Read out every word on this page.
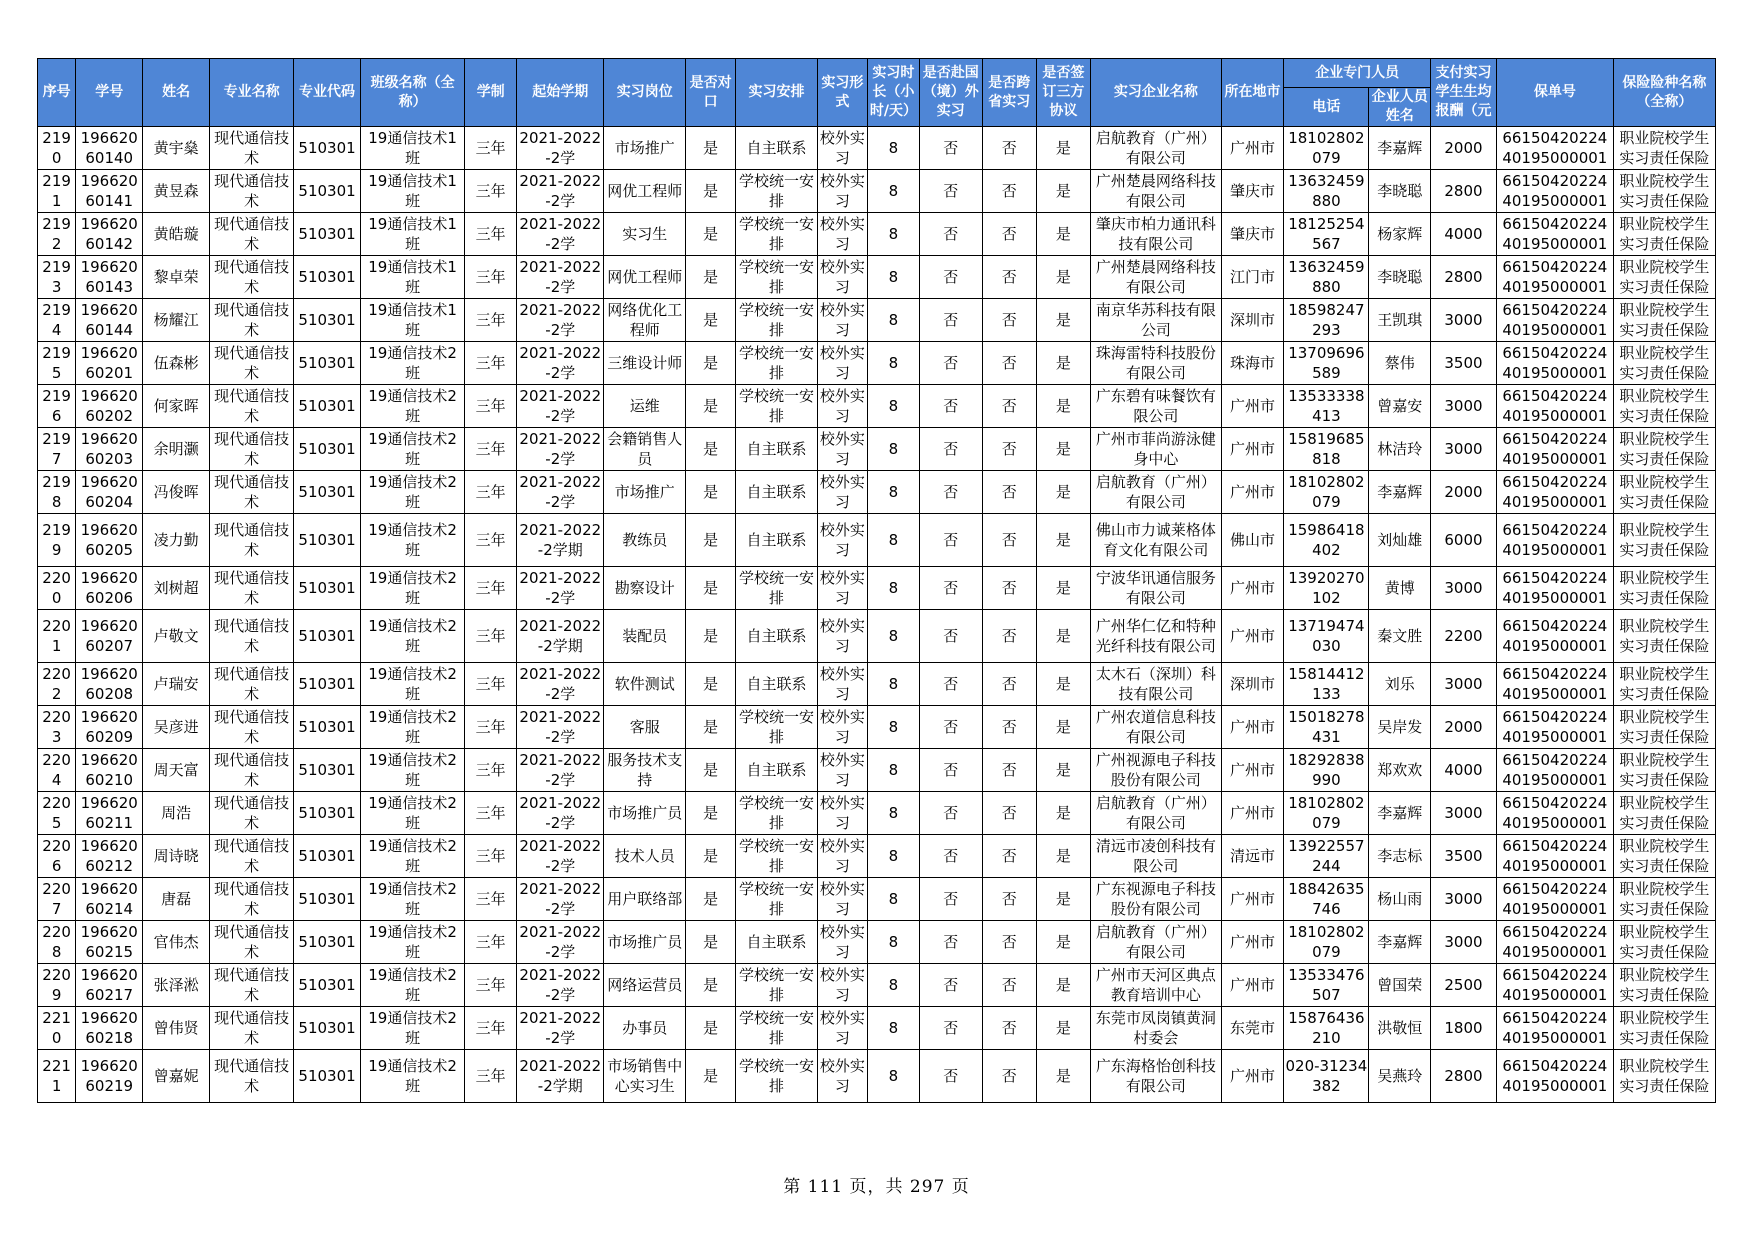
序号	学号	姓名	专业名称	专业代码	班级名称（全称）	学制	起始学期	实习岗位	是否对口	实习安排	实习形式	实习时长（小时/天）	是否赴国（境）外实习	是否跨省实习	是否签订三方协议	实习企业名称	所在地市	企业专门人员		支付实习学生生均报酬（元	保单号	保险险种名称（全称）
																		电话	企业人员姓名			
2190	19662060140	黄宇燊	现代通信技术	510301	19通信技术1班	三年	2021-2022-2学	市场推广	是	自主联系	校外实习	8	否	否	是	启航教育（广州）有限公司	广州市	18102802079	李嘉辉	2000	6615042022440195000001	职业院校学生实习责任保险
2191	19662060141	黄昱森	现代通信技术	510301	19通信技术1班	三年	2021-2022-2学	网优工程师	是	学校统一安排	校外实习	8	否	否	是	广州楚晨网络科技有限公司	肇庆市	13632459880	李晓聪	2800	6615042022440195000001	职业院校学生实习责任保险
2192	19662060142	黄皓璇	现代通信技术	510301	19通信技术1班	三年	2021-2022-2学	实习生	是	学校统一安排	校外实习	8	否	否	是	肇庆市柏力通讯科技有限公司	肇庆市	18125254567	杨家辉	4000	6615042022440195000001	职业院校学生实习责任保险
2193	19662060143	黎卓荣	现代通信技术	510301	19通信技术1班	三年	2021-2022-2学	网优工程师	是	学校统一安排	校外实习	8	否	否	是	广州楚晨网络科技有限公司	江门市	13632459880	李晓聪	2800	6615042022440195000001	职业院校学生实习责任保险
2194	19662060144	杨耀江	现代通信技术	510301	19通信技术1班	三年	2021-2022-2学	网络优化工程师	是	学校统一安排	校外实习	8	否	否	是	南京华苏科技有限公司	深圳市	18598247293	王凯琪	3000	6615042022440195000001	职业院校学生实习责任保险
2195	19662060201	伍森彬	现代通信技术	510301	19通信技术2班	三年	2021-2022-2学	三维设计师	是	学校统一安排	校外实习	8	否	否	是	珠海雷特科技股份有限公司	珠海市	13709696589	蔡伟	3500	6615042022440195000001	职业院校学生实习责任保险
2196	19662060202	何家晖	现代通信技术	510301	19通信技术2班	三年	2021-2022-2学	运维	是	学校统一安排	校外实习	8	否	否	是	广东碧有味餐饮有限公司	广州市	13533338413	曾嘉安	3000	6615042022440195000001	职业院校学生实习责任保险
2197	19662060203	余明灏	现代通信技术	510301	19通信技术2班	三年	2021-2022-2学	会籍销售人员	是	自主联系	校外实习	8	否	否	是	广州市菲尚游泳健身中心	广州市	15819685818	林洁玲	3000	6615042022440195000001	职业院校学生实习责任保险
2198	19662060204	冯俊晖	现代通信技术	510301	19通信技术2班	三年	2021-2022-2学	市场推广	是	自主联系	校外实习	8	否	否	是	启航教育（广州）有限公司	广州市	18102802079	李嘉辉	2000	6615042022440195000001	职业院校学生实习责任保险
2199	19662060205	凌力勤	现代通信技术	510301	19通信技术2班	三年	2021-2022-2学期	教练员	是	自主联系	校外实习	8	否	否	是	佛山市力诚莱格体育文化有限公司	佛山市	15986418402	刘灿雄	6000	6615042022440195000001	职业院校学生实习责任保险
2200	19662060206	刘树超	现代通信技术	510301	19通信技术2班	三年	2021-2022-2学	勘察设计	是	学校统一安排	校外实习	8	否	否	是	宁波华讯通信服务有限公司	广州市	13920270102	黄博	3000	6615042022440195000001	职业院校学生实习责任保险
2201	19662060207	卢敬文	现代通信技术	510301	19通信技术2班	三年	2021-2022-2学期	装配员	是	自主联系	校外实习	8	否	否	是	广州华仁亿和特种光纤科技有限公司	广州市	13719474030	秦文胜	2200	6615042022440195000001	职业院校学生实习责任保险
2202	19662060208	卢瑞安	现代通信技术	510301	19通信技术2班	三年	2021-2022-2学	软件测试	是	自主联系	校外实习	8	否	否	是	太木石（深圳）科技有限公司	深圳市	15814412133	刘乐	3000	6615042022440195000001	职业院校学生实习责任保险
2203	19662060209	吴彦进	现代通信技术	510301	19通信技术2班	三年	2021-2022-2学	客服	是	学校统一安排	校外实习	8	否	否	是	广州农道信息科技有限公司	广州市	15018278431	吴岸发	2000	6615042022440195000001	职业院校学生实习责任保险
2204	19662060210	周天富	现代通信技术	510301	19通信技术2班	三年	2021-2022-2学	服务技术支持	是	自主联系	校外实习	8	否	否	是	广州视源电子科技股份有限公司	广州市	18292838990	郑欢欢	4000	6615042022440195000001	职业院校学生实习责任保险
2205	19662060211	周浩	现代通信技术	510301	19通信技术2班	三年	2021-2022-2学	市场推广员	是	学校统一安排	校外实习	8	否	否	是	启航教育（广州）有限公司	广州市	18102802079	李嘉辉	3000	6615042022440195000001	职业院校学生实习责任保险
2206	19662060212	周诗晓	现代通信技术	510301	19通信技术2班	三年	2021-2022-2学	技术人员	是	学校统一安排	校外实习	8	否	否	是	清远市凌创科技有限公司	清远市	13922557244	李志标	3500	6615042022440195000001	职业院校学生实习责任保险
2207	19662060214	唐磊	现代通信技术	510301	19通信技术2班	三年	2021-2022-2学	用户联络部	是	学校统一安排	校外实习	8	否	否	是	广东视源电子科技股份有限公司	广州市	18842635746	杨山雨	3000	6615042022440195000001	职业院校学生实习责任保险
2208	19662060215	官伟杰	现代通信技术	510301	19通信技术2班	三年	2021-2022-2学	市场推广员	是	自主联系	校外实习	8	否	否	是	启航教育（广州）有限公司	广州市	18102802079	李嘉辉	3000	6615042022440195000001	职业院校学生实习责任保险
2209	19662060217	张泽淞	现代通信技术	510301	19通信技术2班	三年	2021-2022-2学	网络运营员	是	学校统一安排	校外实习	8	否	否	是	广州市天河区典点教育培训中心	广州市	13533476507	曾国荣	2500	6615042022440195000001	职业院校学生实习责任保险
2210	19662060218	曾伟贤	现代通信技术	510301	19通信技术2班	三年	2021-2022-2学	办事员	是	学校统一安排	校外实习	8	否	否	是	东莞市凤岗镇黄洞村委会	东莞市	15876436210	洪敬恒	1800	6615042022440195000001	职业院校学生实习责任保险
2211	19662060219	曾嘉妮	现代通信技术	510301	19通信技术2班	三年	2021-2022-2学期	市场销售中心实习生	是	学校统一安排	校外实习	8	否	否	是	广东海格怡创科技有限公司	广州市	020-31234382	吴燕玲	2800	6615042022440195000001	职业院校学生实习责任保险
第 111 页，共 297 页
